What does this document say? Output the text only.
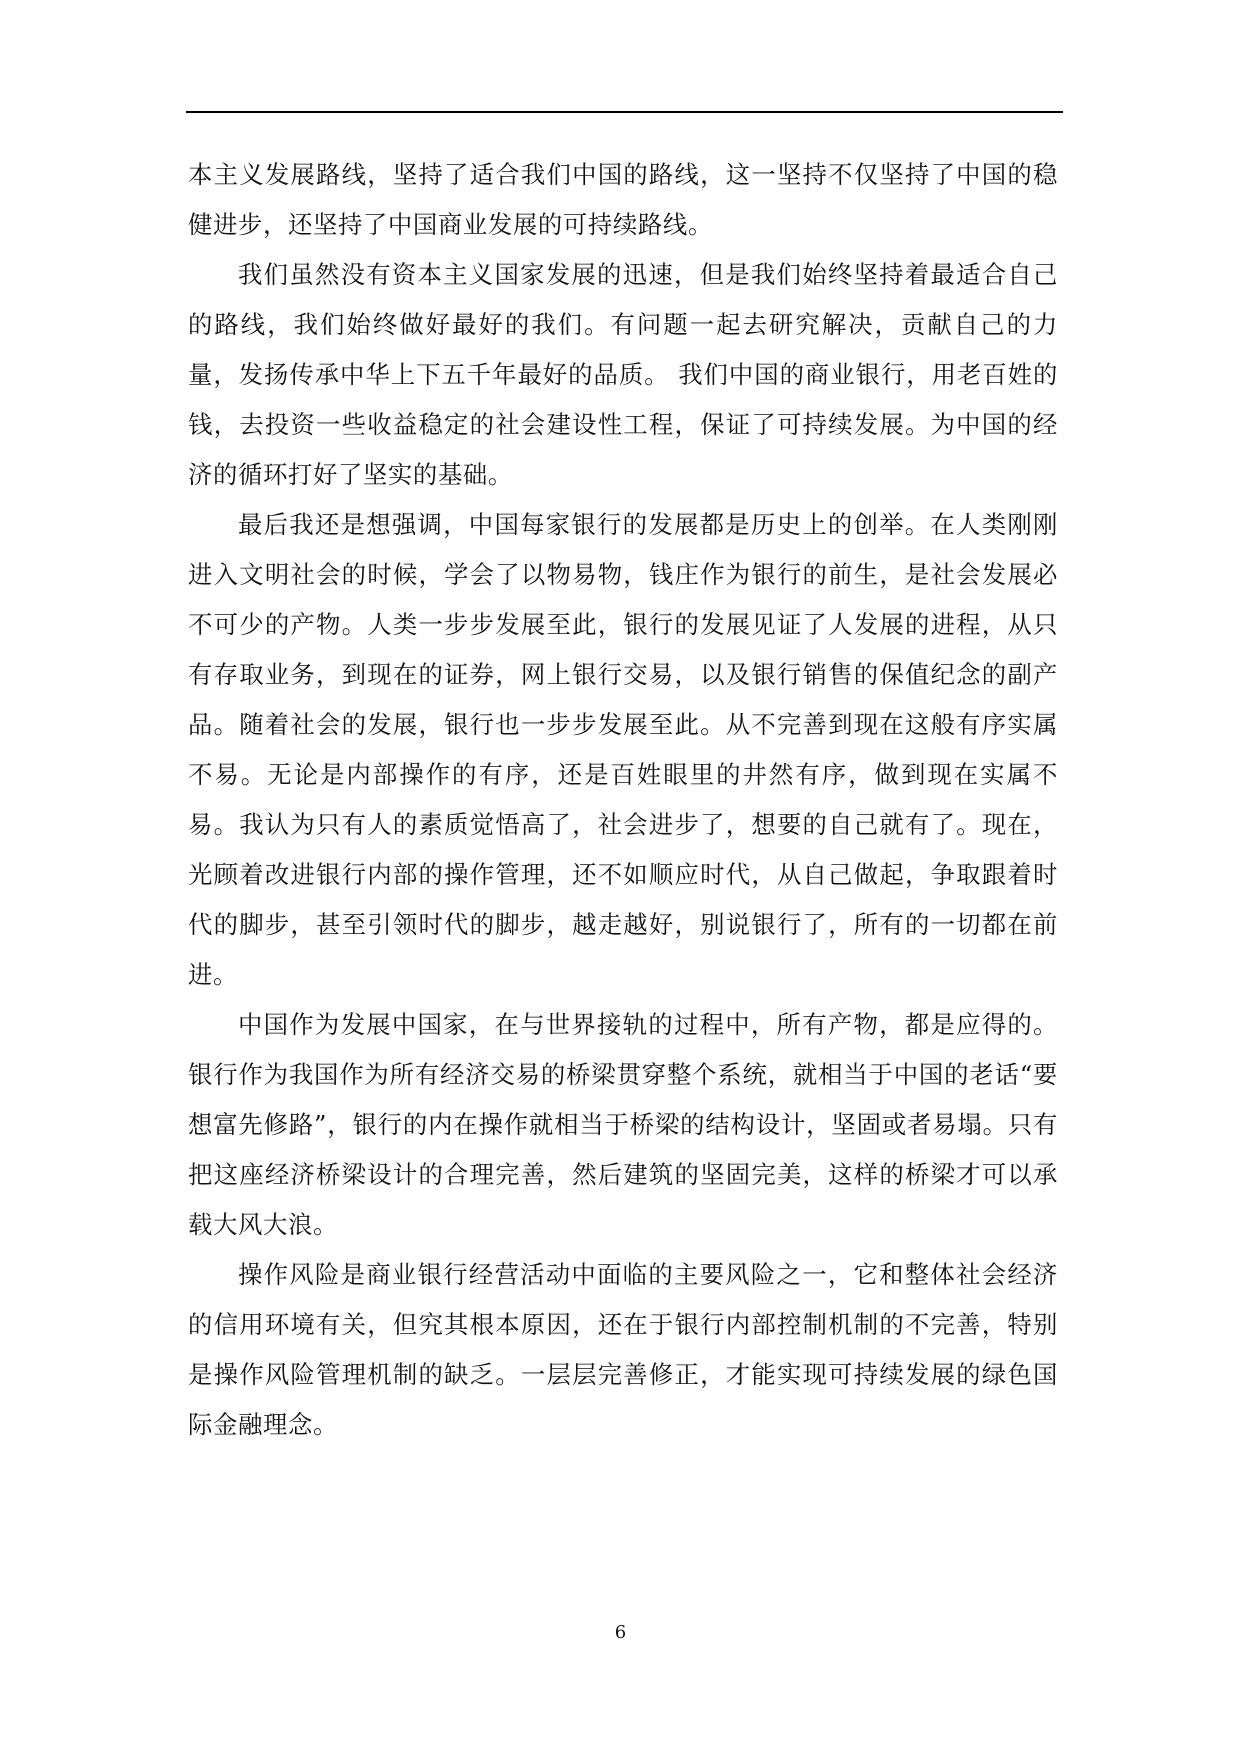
本主义发展路线，坚持了适合我们中国的路线，这一坚持不仅坚持了中国的稳健进步，还坚持了中国商业发展的可持续路线。

我们虽然没有资本主义国家发展的迅速，但是我们始终坚持着最适合自己的路线，我们始终做好最好的我们。有问题一起去研究解决，贡献自己的力量，发扬传承中华上下五千年最好的品质。 我们中国的商业银行，用老百姓的钱，去投资一些收益稳定的社会建设性工程，保证了可持续发展。为中国的经济的循环打好了坚实的基础。

最后我还是想强调，中国每家银行的发展都是历史上的创举。在人类刚刚进入文明社会的时候，学会了以物易物，钱庄作为银行的前生，是社会发展必不可少的产物。人类一步步发展至此，银行的发展见证了人发展的进程，从只有存取业务，到现在的证券，网上银行交易，以及银行销售的保值纪念的副产品。随着社会的发展，银行也一步步发展至此。从不完善到现在这般有序实属不易。无论是内部操作的有序，还是百姓眼里的井然有序，做到现在实属不易。我认为只有人的素质觉悟高了，社会进步了，想要的自己就有了。现在，光顾着改进银行内部的操作管理，还不如顺应时代，从自己做起，争取跟着时代的脚步，甚至引领时代的脚步，越走越好，别说银行了，所有的一切都在前进。

中国作为发展中国家，在与世界接轨的过程中，所有产物，都是应得的。银行作为我国作为所有经济交易的桥梁贯穿整个系统，就相当于中国的老话“要想富先修路”，银行的内在操作就相当于桥梁的结构设计，坚固或者易塌。只有把这座经济桥梁设计的合理完善，然后建筑的坚固完美，这样的桥梁才可以承载大风大浪。

操作风险是商业银行经营活动中面临的主要风险之一，它和整体社会经济的信用环境有关，但究其根本原因，还在于银行内部控制机制的不完善，特别是操作风险管理机制的缺乏。一层层完善修正，才能实现可持续发展的绿色国际金融理念。

6
